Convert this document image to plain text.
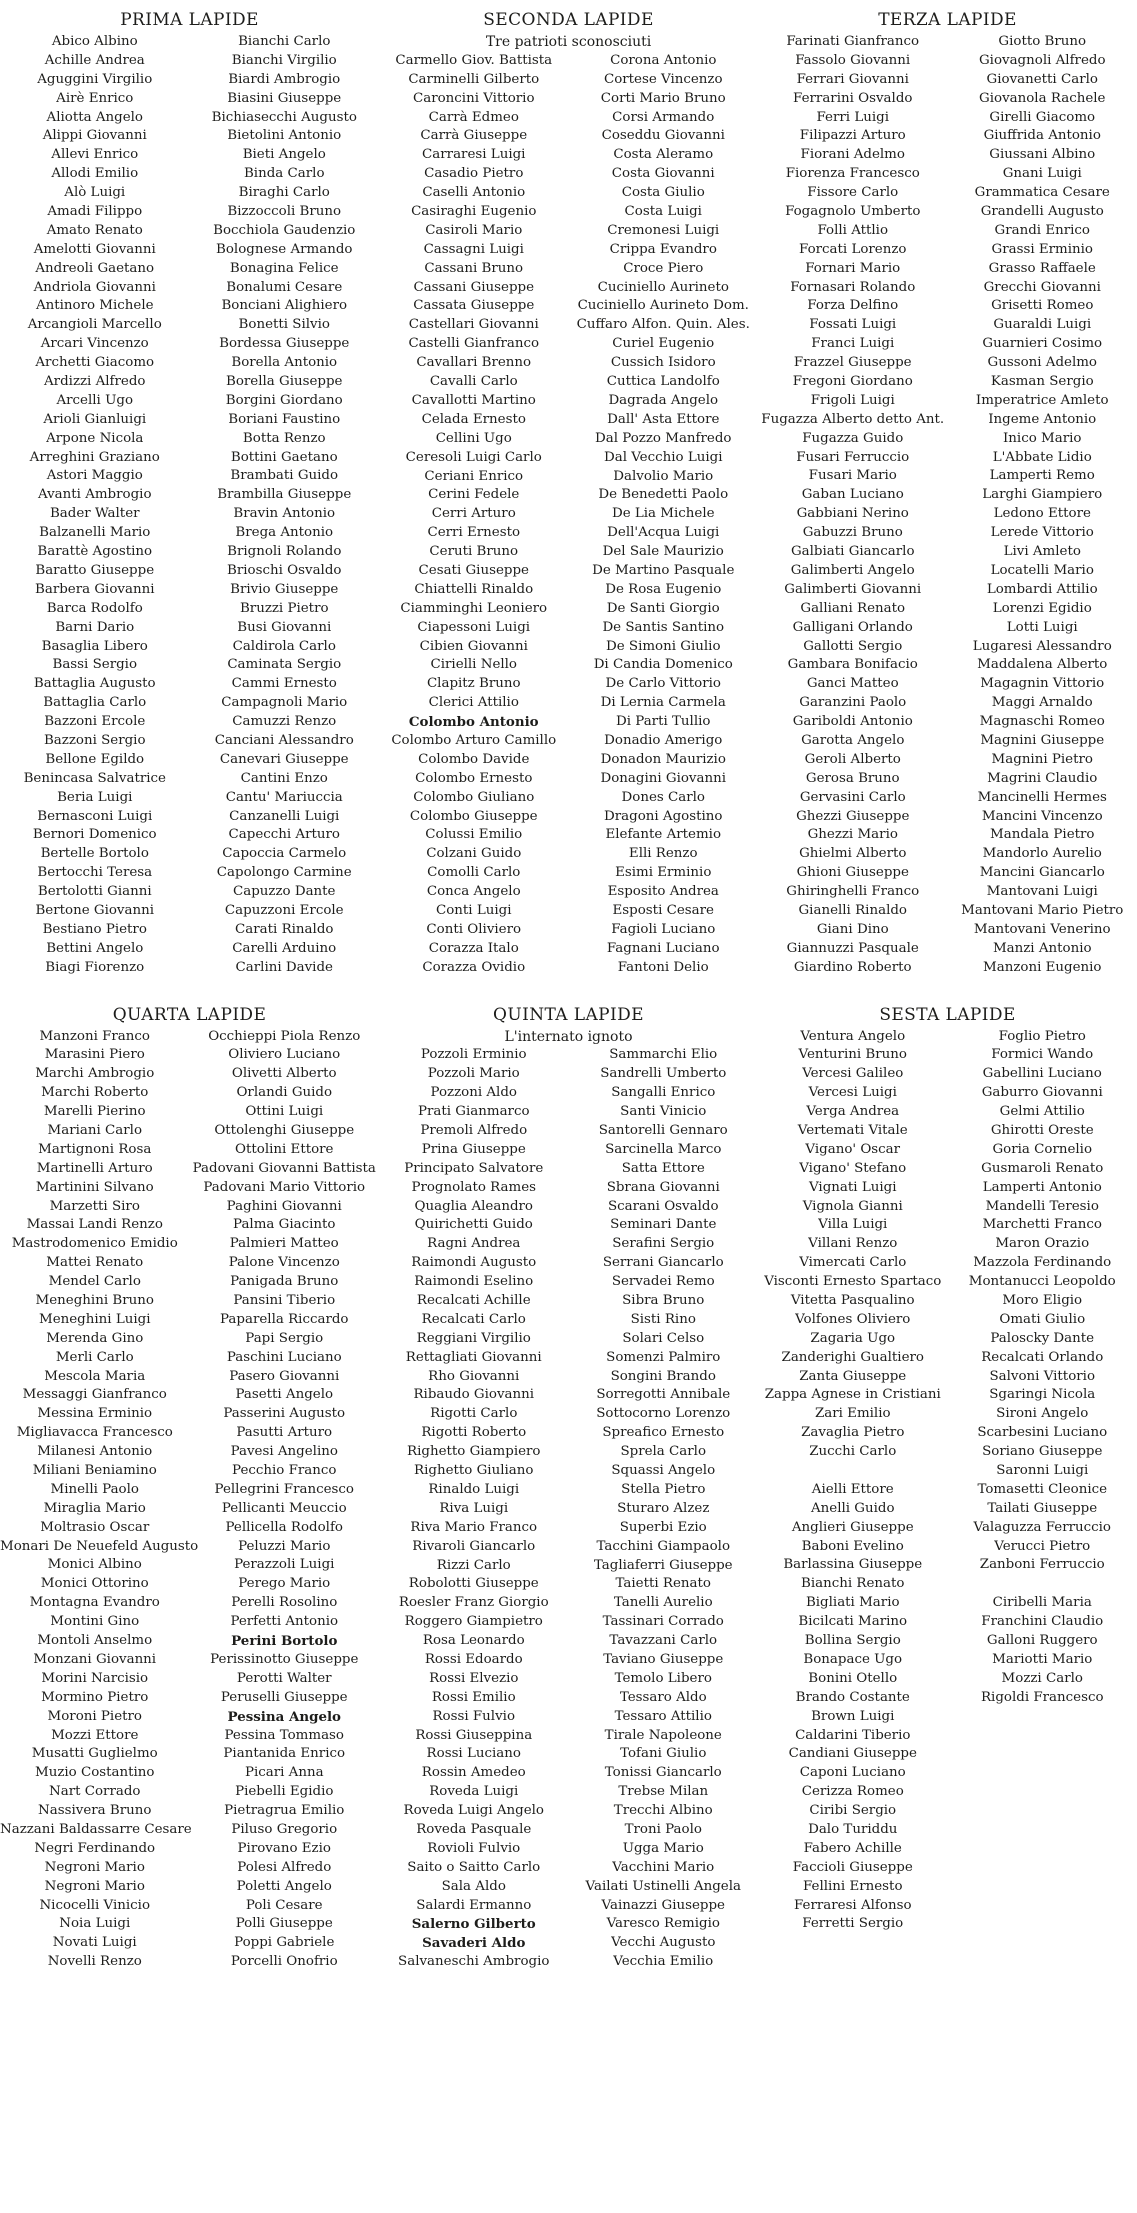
PRIMA LAPIDE
Abico Albino
Achille Andrea
Aguggini Virgilio
Airè Enrico
Aliotta Angelo
Alippi Giovanni
Allevi Enrico
Allodi Emilio
Alò Luigi
Amadi Filippo
Amato Renato
Amelotti Giovanni
Andreoli Gaetano
Andriola Giovanni
Antinoro Michele
Arcangioli Marcello
Arcari Vincenzo
Archetti Giacomo
Ardizzi Alfredo
Arcelli Ugo
Arioli Gianluigi
Arpone Nicola
Arreghini Graziano
Astori Maggio
Avanti Ambrogio
Bader Walter
Balzanelli Mario
Barattè Agostino
Baratto Giuseppe
Barbera Giovanni
Barca Rodolfo
Barni Dario
Basaglia Libero
Bassi Sergio
Battaglia Augusto
Battaglia Carlo
Bazzoni Ercole
Bazzoni Sergio
Bellone Egildo
Benincasa Salvatrice
Beria Luigi
Bernasconi Luigi
Bernori Domenico
Bertelle Bortolo
Bertocchi Teresa
Bertolotti Gianni
Bertone Giovanni
Bestiano Pietro
Bettini Angelo
Biagi Fiorenzo
Bianchi Carlo
Bianchi Virgilio
Biardi Ambrogio
Biasini Giuseppe
Bichiasecchi Augusto
Bietolini Antonio
Bieti Angelo
Binda Carlo
Biraghi Carlo
Bizzoccoli Bruno
Bocchiola Gaudenzio
Bolognese Armando
Bonagina Felice
Bonalumi Cesare
Bonciani Alighiero
Bonetti Silvio
Bordessa Giuseppe
Borella Antonio
Borella Giuseppe
Borgini Giordano
Boriani Faustino
Botta Renzo
Bottini Gaetano
Brambati Guido
Brambilla Giuseppe
Bravin Antonio
Brega Antonio
Brignoli Rolando
Brioschi Osvaldo
Brivio Giuseppe
Bruzzi Pietro
Busi Giovanni
Caldirola Carlo
Caminata Sergio
Cammi Ernesto
Campagnoli Mario
Camuzzi Renzo
Canciani Alessandro
Canevari Giuseppe
Cantini Enzo
Cantu' Mariuccia
Canzanelli Luigi
Capecchi Arturo
Capoccia Carmelo
Capolongo Carmine
Capuzzo Dante
Capuzzoni Ercole
Carati Rinaldo
Carelli Arduino
Carlini Davide
SECONDA LAPIDE
Tre patrioti sconosciuti
Carmello Giov. Battista
Carminelli Gilberto
Caroncini Vittorio
Carrà Edmeo
Carrà Giuseppe
Carraresi Luigi
Casadio Pietro
Caselli Antonio
Casiraghi Eugenio
Casiroli Mario
Cassagni Luigi
Cassani Bruno
Cassani Giuseppe
Cassata Giuseppe
Castellari Giovanni
Castelli Gianfranco
Cavallari Brenno
Cavalli Carlo
Cavallotti Martino
Celada Ernesto
Cellini Ugo
Ceresoli Luigi Carlo
Ceriani Enrico
Cerini Fedele
Cerri Arturo
Cerri Ernesto
Ceruti Bruno
Cesati Giuseppe
Chiattelli Rinaldo
Ciamminghi Leoniero
Ciapessoni Luigi
Cibien Giovanni
Cirielli Nello
Clapitz Bruno
Clerici Attilio
Colombo Antonio
Colombo Arturo Camillo
Colombo Davide
Colombo Ernesto
Colombo Giuliano
Colombo Giuseppe
Colussi Emilio
Colzani Guido
Comolli Carlo
Conca Angelo
Conti Luigi
Conti Oliviero
Corazza Italo
Corazza Ovidio
Corona Antonio
Cortese Vincenzo
Corti Mario Bruno
Corsi Armando
Coseddu Giovanni
Costa Aleramo
Costa Giovanni
Costa Giulio
Costa Luigi
Cremonesi Luigi
Crippa Evandro
Croce Piero
Cuciniello Aurineto
Cuciniello Aurineto Dom.
Cuffaro Alfon. Quin. Ales.
Curiel Eugenio
Cussich Isidoro
Cuttica Landolfo
Dagrada Angelo
Dall' Asta Ettore
Dal Pozzo Manfredo
Dal Vecchio Luigi
Dalvolio Mario
De Benedetti Paolo
De Lia Michele
Dell'Acqua Luigi
Del Sale Maurizio
De Martino Pasquale
De Rosa Eugenio
De Santi Giorgio
De Santis Santino
De Simoni Giulio
Di Candia Domenico
De Carlo Vittorio
Di Lernia Carmela
Di Parti Tullio
Donadio Amerigo
Donadon Maurizio
Donagini Giovanni
Dones Carlo
Dragoni Agostino
Elefante Artemio
Elli Renzo
Esimi Erminio
Esposito Andrea
Esposti Cesare
Fagioli Luciano
Fagnani Luciano
Fantoni Delio
TERZA LAPIDE
Farinati Gianfranco
Fassolo Giovanni
Ferrari Giovanni
Ferrarini Osvaldo
Ferri Luigi
Filipazzi Arturo
Fiorani Adelmo
Fiorenza Francesco
Fissore Carlo
Fogagnolo Umberto
Folli Attlio
Forcati Lorenzo
Fornari Mario
Fornasari Rolando
Forza Delfino
Fossati Luigi
Franci Luigi
Frazzel Giuseppe
Fregoni Giordano
Frigoli Luigi
Fugazza Alberto detto Ant.
Fugazza Guido
Fusari Ferruccio
Fusari Mario
Gaban Luciano
Gabbiani Nerino
Gabuzzi Bruno
Galbiati Giancarlo
Galimberti Angelo
Galimberti Giovanni
Galliani Renato
Galligani Orlando
Gallotti Sergio
Gambara Bonifacio
Ganci Matteo
Garanzini Paolo
Gariboldi Antonio
Garotta Angelo
Geroli Alberto
Gerosa Bruno
Gervasini Carlo
Ghezzi Giuseppe
Ghezzi Mario
Ghielmi Alberto
Ghioni Giuseppe
Ghiringhelli Franco
Gianelli Rinaldo
Giani Dino
Giannuzzi Pasquale
Giardino Roberto
Giotto Bruno
Giovagnoli Alfredo
Giovanetti Carlo
Giovanola Rachele
Girelli Giacomo
Giuffrida Antonio
Giussani Albino
Gnani Luigi
Grammatica Cesare
Grandelli Augusto
Grandi Enrico
Grassi Erminio
Grasso Raffaele
Grecchi Giovanni
Grisetti Romeo
Guaraldi Luigi
Guarnieri Cosimo
Gussoni Adelmo
Kasman Sergio
Imperatrice Amleto
Ingeme Antonio
Inico Mario
L'Abbate Lidio
Lamperti Remo
Larghi Giampiero
Ledono Ettore
Lerede Vittorio
Livi Amleto
Locatelli Mario
Lombardi Attilio
Lorenzi Egidio
Lotti Luigi
Lugaresi Alessandro
Maddalena Alberto
Magagnin Vittorio
Maggi Arnaldo
Magnaschi Romeo
Magnini Giuseppe
Magnini Pietro
Magrini Claudio
Mancinelli Hermes
Mancini Vincenzo
Mandala Pietro
Mandorlo Aurelio
Mancini Giancarlo
Mantovani Luigi
Mantovani Mario Pietro
Mantovani Venerino
Manzi Antonio
Manzoni Eugenio
QUARTA LAPIDE
Manzoni Franco
Marasini Piero
Marchi Ambrogio
Marchi Roberto
Marelli Pierino
Mariani Carlo
Martignoni Rosa
Martinelli Arturo
Martinini Silvano
Marzetti Siro
Massai Landi Renzo
Mastrodomenico Emidio
Mattei Renato
Mendel Carlo
Meneghini Bruno
Meneghini Luigi
Merenda Gino
Merli Carlo
Mescola Maria
Messaggi Gianfranco
Messina Erminio
Migliavacca Francesco
Milanesi Antonio
Miliani Beniamino
Minelli Paolo
Miraglia Mario
Moltrasio Oscar
Monari De Neuefeld Augusto
Monici Albino
Monici Ottorino
Montagna Evandro
Montini Gino
Montoli Anselmo
Monzani Giovanni
Morini Narcisio
Mormino Pietro
Moroni Pietro
Mozzi Ettore
Musatti Guglielmo
Muzio Costantino
Nart Corrado
Nassivera Bruno
Nazzani Baldassarre Cesare
Negri Ferdinando
Negroni Mario
Negroni Mario
Nicocelli Vinicio
Noia Luigi
Novati Luigi
Novelli Renzo
Occhieppi Piola Renzo
Oliviero Luciano
Olivetti Alberto
Orlandi Guido
Ottini Luigi
Ottolenghi Giuseppe
Ottolini Ettore
Padovani Giovanni Battista
Padovani Mario Vittorio
Paghini Giovanni
Palma Giacinto
Palmieri Matteo
Palone Vincenzo
Panigada Bruno
Pansini Tiberio
Paparella Riccardo
Papi Sergio
Paschini Luciano
Pasero Giovanni
Pasetti Angelo
Passerini Augusto
Pasutti Arturo
Pavesi Angelino
Pecchio Franco
Pellegrini Francesco
Pellicanti Meuccio
Pellicella Rodolfo
Peluzzi Mario
Perazzoli Luigi
Perego Mario
Perelli Rosolino
Perfetti Antonio
Perini Bortolo
Perissinotto Giuseppe
Perotti Walter
Peruselli Giuseppe
Pessina Angelo
Pessina Tommaso
Piantanida Enrico
Picari Anna
Piebelli Egidio
Pietragrua Emilio
Piluso Gregorio
Pirovano Ezio
Polesi Alfredo
Poletti Angelo
Poli Cesare
Polli Giuseppe
Poppi Gabriele
Porcelli Onofrio
QUINTA LAPIDE
L'internato ignoto
Pozzoli Erminio
Pozzoli Mario
Pozzoni Aldo
Prati Gianmarco
Premoli Alfredo
Prina Giuseppe
Principato Salvatore
Prognolato Rames
Quaglia Aleandro
Quirichetti Guido
Ragni Andrea
Raimondi Augusto
Raimondi Eselino
Recalcati Achille
Recalcati Carlo
Reggiani Virgilio
Rettagliati Giovanni
Rho Giovanni
Ribaudo Giovanni
Rigotti Carlo
Rigotti Roberto
Righetto Giampiero
Righetto Giuliano
Rinaldo Luigi
Riva Luigi
Riva Mario Franco
Rivaroli Giancarlo
Rizzi Carlo
Robolotti Giuseppe
Roesler Franz Giorgio
Roggero Giampietro
Rosa Leonardo
Rossi Edoardo
Rossi Elvezio
Rossi Emilio
Rossi Fulvio
Rossi Giuseppina
Rossi Luciano
Rossin Amedeo
Roveda Luigi
Roveda Luigi Angelo
Roveda Pasquale
Rovioli Fulvio
Saito o Saitto Carlo
Sala Aldo
Salardi Ermanno
Salerno Gilberto
Savaderi Aldo
Salvaneschi Ambrogio
Sammarchi Elio
Sandrelli Umberto
Sangalli Enrico
Santi Vinicio
Santorelli Gennaro
Sarcinella Marco
Satta Ettore
Sbrana Giovanni
Scarani Osvaldo
Seminari Dante
Serafini Sergio
Serrani Giancarlo
Servadei Remo
Sibra Bruno
Sisti Rino
Solari Celso
Somenzi Palmiro
Songini Brando
Sorregotti Annibale
Sottocorno Lorenzo
Spreafico Ernesto
Sprela Carlo
Squassi Angelo
Stella Pietro
Sturaro Alzez
Superbi Ezio
Tacchini Giampaolo
Tagliaferri Giuseppe
Taietti Renato
Tanelli Aurelio
Tassinari Corrado
Tavazzani Carlo
Taviano Giuseppe
Temolo Libero
Tessaro Aldo
Tessaro Attilio
Tirale Napoleone
Tofani Giulio
Tonissi Giancarlo
Trebse Milan
Trecchi Albino
Troni Paolo
Ugga Mario
Vacchini Mario
Vailati Ustinelli Angela
Vainazzi Giuseppe
Varesco Remigio
Vecchi Augusto
Vecchia Emilio
SESTA LAPIDE
Ventura Angelo
Venturini Bruno
Vercesi Galileo
Vercesi Luigi
Verga Andrea
Vertemati Vitale
Vigano' Oscar
Vigano' Stefano
Vignati Luigi
Vignola Gianni
Villa Luigi
Villani Renzo
Vimercati Carlo
Visconti Ernesto Spartaco
Vitetta Pasqualino
Volfones Oliviero
Zagaria Ugo
Zanderighi Gualtiero
Zanta Giuseppe
Zappa Agnese in Cristiani
Zari Emilio
Zavaglia Pietro
Zucchi Carlo

Aielli Ettore
Anelli Guido
Anglieri Giuseppe
Baboni Evelino
Barlassina Giuseppe
Bianchi Renato
Bigliati Mario
Bicilcati Marino
Bollina Sergio
Bonapace Ugo
Bonini Otello
Brando Costante
Brown Luigi
Caldarini Tiberio
Candiani Giuseppe
Caponi Luciano
Cerizza Romeo
Ciribi Sergio
Dalo Turiddu
Fabero Achille
Faccioli Giuseppe
Fellini Ernesto
Ferraresi Alfonso
Ferretti Sergio
Foglio Pietro
Formici Wando
Gabellini Luciano
Gaburro Giovanni
Gelmi Attilio
Ghirotti Oreste
Goria Cornelio
Gusmaroli Renato
Lamperti Antonio
Mandelli Teresio
Marchetti Franco
Maron Orazio
Mazzola Ferdinando
Montanucci Leopoldo
Moro Eligio
Omati Giulio
Paloscky Dante
Recalcati Orlando
Salvoni Vittorio
Sgaringi Nicola
Sironi Angelo
Scarbesini Luciano
Soriano Giuseppe
Saronni Luigi
Tomasetti Cleonice
Tailati Giuseppe
Valaguzza Ferruccio
Verucci Pietro
Zanboni Ferruccio

Ciribelli Maria
Franchini Claudio
Galloni Ruggero
Mariotti Mario
Mozzi Carlo
Rigoldi Francesco
